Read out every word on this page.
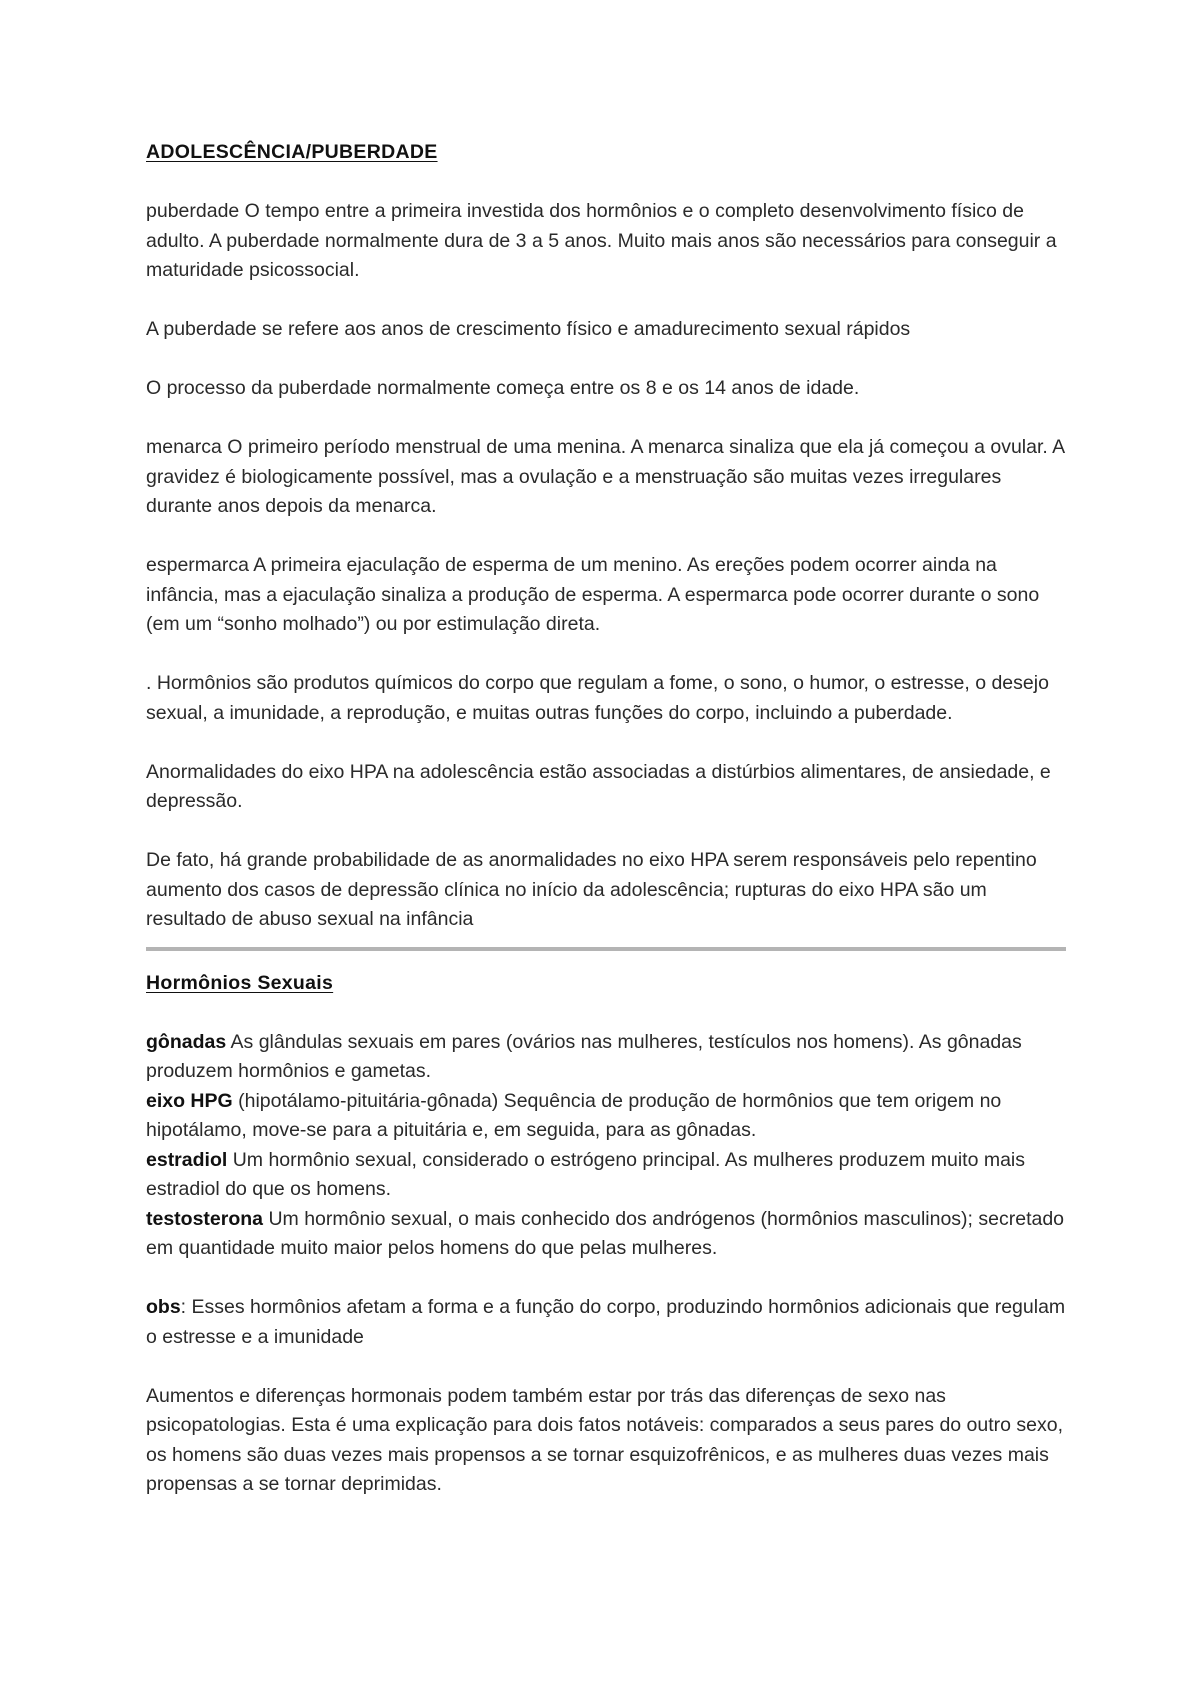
ADOLESCÊNCIA/PUBERDADE

puberdade O tempo entre a primeira investida dos hormônios e o completo desenvolvimento físico de adulto. A puberdade normalmente dura de 3 a 5 anos. Muito mais anos são necessários para conseguir a maturidade psicossocial.

A puberdade se refere aos anos de crescimento físico e amadurecimento sexual rápidos

O processo da puberdade normalmente começa entre os 8 e os 14 anos de idade.

menarca O primeiro período menstrual de uma menina. A menarca sinaliza que ela já começou a ovular. A gravidez é biologicamente possível, mas a ovulação e a menstruação são muitas vezes irregulares durante anos depois da menarca.

espermarca A primeira ejaculação de esperma de um menino. As ereções podem ocorrer ainda na infância, mas a ejaculação sinaliza a produção de esperma. A espermarca pode ocorrer durante o sono (em um “sonho molhado”) ou por estimulação direta.

. Hormônios são produtos químicos do corpo que regulam a fome, o sono, o humor, o estresse, o desejo sexual, a imunidade, a reprodução, e muitas outras funções do corpo, incluindo a puberdade.

Anormalidades do eixo HPA na adolescência estão associadas a distúrbios alimentares, de ansiedade, e depressão.

De fato, há grande probabilidade de as anormalidades no eixo HPA serem responsáveis pelo repentino aumento dos casos de depressão clínica no início da adolescência; rupturas do eixo HPA são um resultado de abuso sexual na infância

Hormônios Sexuais

gônadas As glândulas sexuais em pares (ovários nas mulheres, testículos nos homens). As gônadas produzem hormônios e gametas.

eixo HPG (hipotálamo-pituitária-gônada) Sequência de produção de hormônios que tem origem no hipotálamo, move-se para a pituitária e, em seguida, para as gônadas.

estradiol Um hormônio sexual, considerado o estrógeno principal. As mulheres produzem muito mais estradiol do que os homens.

testosterona Um hormônio sexual, o mais conhecido dos andrógenos (hormônios masculinos); secretado em quantidade muito maior pelos homens do que pelas mulheres.

obs: Esses hormônios afetam a forma e a função do corpo, produzindo hormônios adicionais que regulam o estresse e a imunidade

Aumentos e diferenças hormonais podem também estar por trás das diferenças de sexo nas psicopatologias. Esta é uma explicação para dois fatos notáveis: comparados a seus pares do outro sexo, os homens são duas vezes mais propensos a se tornar esquizofrênicos, e as mulheres duas vezes mais propensas a se tornar deprimidas.
